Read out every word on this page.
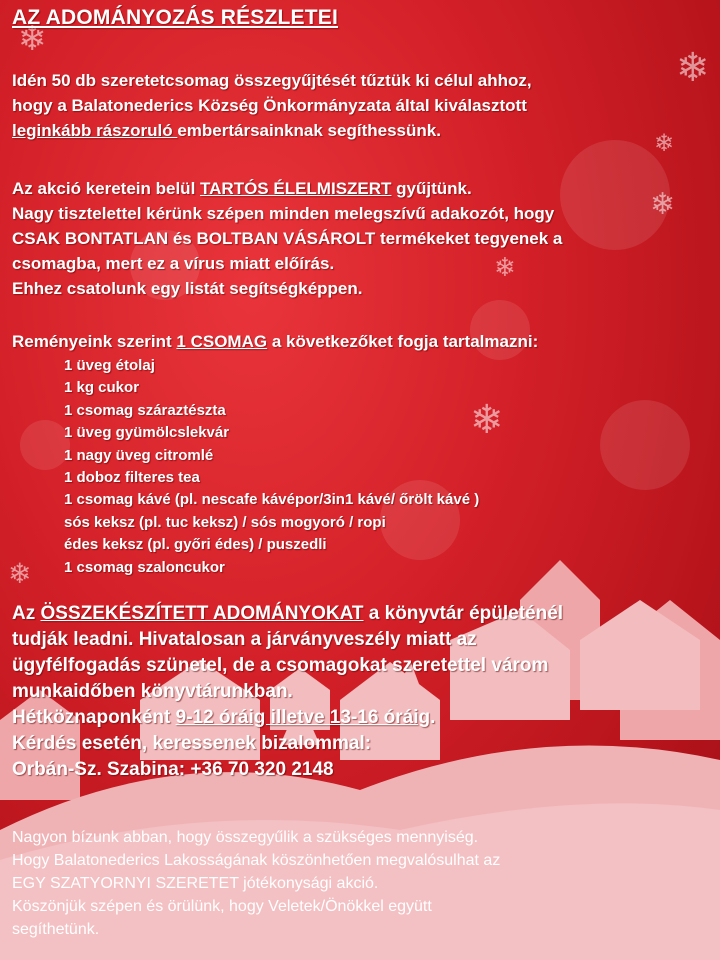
❄
❄
❄
❄
❄
❄
❄
AZ ADOMÁNYOZÁS RÉSZLETEI
Idén 50 db szeretetcsomag összegyűjtését tűztük ki célul ahhoz,
hogy a Balatonederics Község Önkormányzata által kiválasztott
leginkább rászoruló embertársainknak segíthessünk.
Az akció keretein belül TARTÓS ÉLELMISZERT gyűjtünk.
Nagy tisztelettel kérünk szépen minden melegszívű adakozót, hogy
CSAK BONTATLAN és BOLTBAN VÁSÁROLT termékeket tegyenek a
csomagba, mert ez a vírus miatt előírás.
Ehhez csatolunk egy listát segítségképpen.
Reményeink szerint 1 CSOMAG a következőket fogja tartalmazni:
1 üveg étolaj
1 kg cukor
1 csomag száraztészta
1 üveg gyümölcslekvár
1 nagy üveg citromlé
1 doboz filteres tea
1 csomag kávé (pl. nescafe kávépor/3in1 kávé/ őrölt kávé )
sós keksz (pl. tuc keksz) / sós mogyoró / ropi
édes keksz (pl. győri édes) / puszedli
1 csomag szaloncukor
Az ÖSSZEKÉSZÍTETT ADOMÁNYOKAT a könyvtár épületénél
tudják leadni. Hivatalosan a járványveszély miatt az
ügyfélfogadás szünetel, de a csomagokat szeretettel várom
munkaidőben könyvtárunkban.
Hétköznaponként 9-12 óráig illetve 13-16 óráig.
Kérdés esetén, keressenek bizalommal:
Orbán-Sz. Szabina: +36 70 320 2148
Nagyon bízunk abban, hogy összegyűlik a szükséges mennyiség.
Hogy Balatonederics Lakosságának köszönhetően megvalósulhat az
EGY SZATYORNYI SZERETET jótékonysági akció.
Köszönjük szépen és örülünk, hogy Veletek/Önökkel együtt
segíthetünk.
